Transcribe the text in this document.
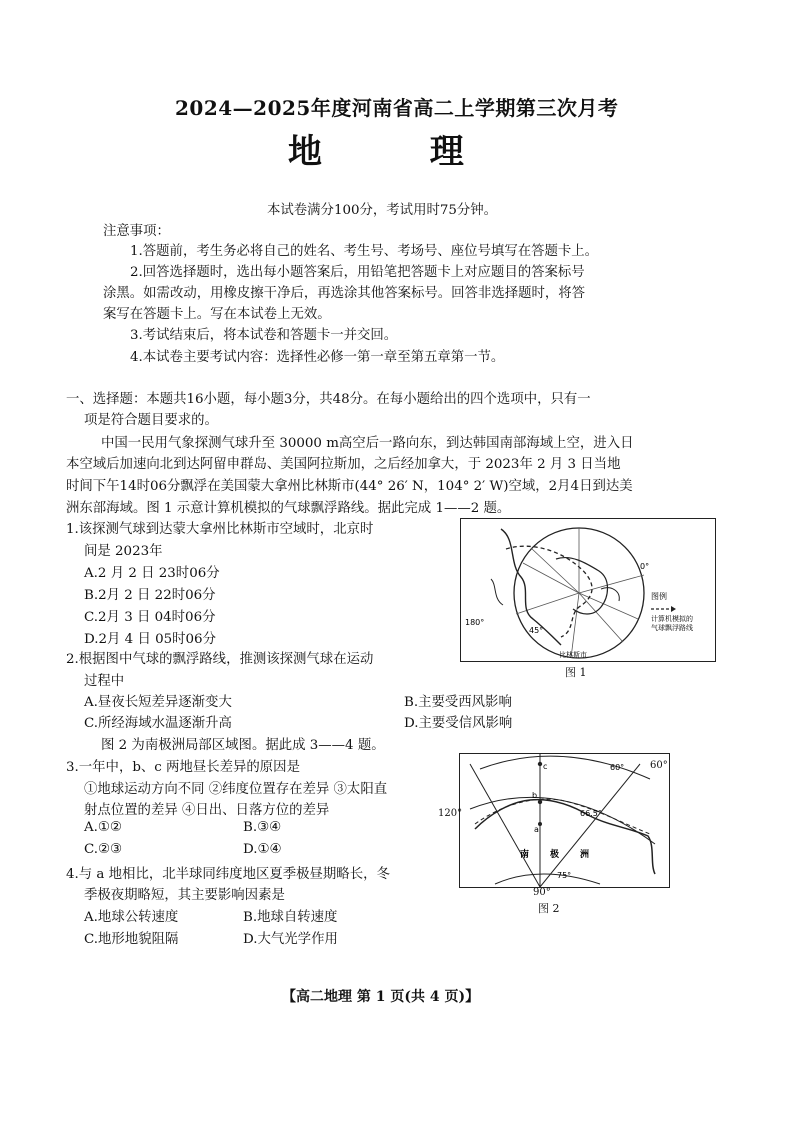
2024—2025年度河南省高二上学期第三次月考
地	理
本试卷满分100分，考试用时75分钟。
注意事项：
1.答题前，考生务必将自己的姓名、考生号、考场号、座位号填写在答题卡上。
2.回答选择题时，选出每小题答案后，用铅笔把答题卡上对应题目的答案标号
涂黑。如需改动，用橡皮擦干净后，再选涂其他答案标号。回答非选择题时，将答
案写在答题卡上。写在本试卷上无效。
3.考试结束后，将本试卷和答题卡一并交回。
4.本试卷主要考试内容：选择性必修一第一章至第五章第一节。
一、选择题：本题共16小题，每小题3分，共48分。在每小题给出的四个选项中，只有一
项是符合题目要求的。
中国一民用气象探测气球升至 30000 m高空后一路向东，到达韩国南部海域上空，进入日
本空域后加速向北到达阿留申群岛、美国阿拉斯加，之后经加拿大，于 2023年 2 月 3 日当地
时间下午14时06分飘浮在美国蒙大拿州比林斯市(44° 26′ N，104° 2′ W)空域，2月4日到达美
洲东部海域。图 1 示意计算机模拟的气球飘浮路线。据此完成 1——2 题。
1.该探测气球到达蒙大拿州比林斯市空域时，北京时
间是 2023年
A.2 月 2 日 23时06分
B.2月 2 日 22时06分
C.2月 3 日 04时06分
D.2月 4 日 05时06分
2.根据图中气球的飘浮路线，推测该探测气球在运动
过程中
A.昼夜长短差异逐渐变大	B.主要受西风影响
C.所经海域水温逐渐升高	D.主要受信风影响
图 2 为南极洲局部区域图。据此成 3——4 题。
3.一年中，b、c 两地昼长差异的原因是
①地球运动方向不同 ②纬度位置存在差异 ③太阳直
射点位置的差异 ④日出、日落方位的差异
A.①②	B.③④
C.②③	D.①④
4.与 a 地相比，北半球同纬度地区夏季极昼期略长，冬
季极夜期略短，其主要影响因素是
A.地球公转速度	B.地球自转速度
C.地形地貌阻隔	D.大气光学作用
0°
180°
45°
比林斯市
图例
计算机模拟的
气球飘浮路线
图 1
c
b
a
60°
66.5°
75°
南 极 洲
60°
120°
90°
图 2
【高二地理 第 1 页(共 4 页)】
